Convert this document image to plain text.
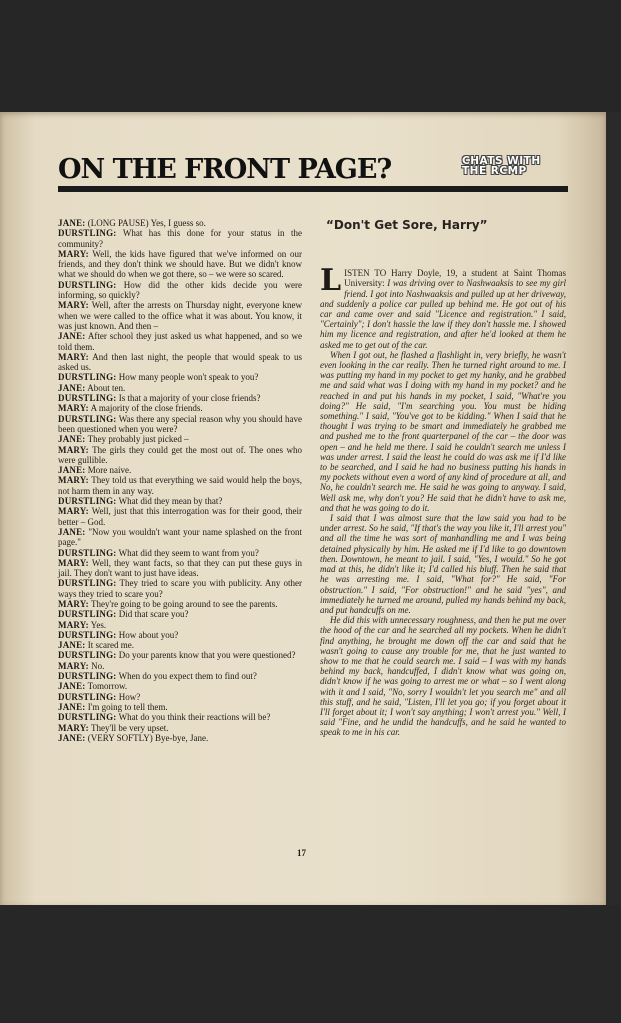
ON THE FRONT PAGE?	CHATS WITH THE RCMP

JANE: (LONG PAUSE) Yes, I guess so.

DURSTLING: What has this done for your status in the community?

MARY: Well, the kids have figured that we've informed on our friends, and they don't think we should have. But we didn't know what we should do when we got there, so – we were so scared.

DURSTLING: How did the other kids decide you were informing, so quickly?

MARY: Well, after the arrests on Thursday night, everyone knew when we were called to the office what it was about. You know, it was just known. And then –

JANE: After school they just asked us what happened, and so we told them.

MARY: And then last night, the people that would speak to us asked us.

DURSTLING: How many people won't speak to you?

JANE: About ten.

DURSTLING: Is that a majority of your close friends?

MARY: A majority of the close friends.

DURSTLING: Was there any special reason why you should have been questioned when you were?

JANE: They probably just picked –

MARY: The girls they could get the most out of. The ones who were gullible.

JANE: More naive.

MARY: They told us that everything we said would help the boys, not harm them in any way.

DURSTLING: What did they mean by that?

MARY: Well, just that this interrogation was for their good, their better – God.

JANE: "Now you wouldn't want your name splashed on the front page."

DURSTLING: What did they seem to want from you?

MARY: Well, they want facts, so that they can put these guys in jail. They don't want to just have ideas.

DURSTLING: They tried to scare you with publicity. Any other ways they tried to scare you?

MARY: They're going to be going around to see the parents.

DURSTLING: Did that scare you?

MARY: Yes.

DURSTLING: How about you?

JANE: It scared me.

DURSTLING: Do your parents know that you were questioned?

MARY: No.

DURSTLING: When do you expect them to find out?

JANE: Tomorrow.

DURSTLING: How?

JANE: I'm going to tell them.

DURSTLING: What do you think their reactions will be?

MARY: They'll be very upset.

JANE: (VERY SOFTLY) Bye-bye, Jane.

“Don't Get Sore, Harry”

LISTEN TO Harry Doyle, 19, a student at Saint Thomas University: I was driving over to Nashwaaksis to see my girl friend. I got into Nashwaaksis and pulled up at her driveway, and suddenly a police car pulled up behind me. He got out of his car and came over and said "Licence and registration." I said, "Certainly"; I don't hassle the law if they don't hassle me. I showed him my licence and registration, and after he'd looked at them he asked me to get out of the car.

When I got out, he flashed a flashlight in, very briefly, he wasn't even looking in the car really. Then he turned right around to me. I was putting my hand in my pocket to get my hanky, and he grabbed me and said what was I doing with my hand in my pocket? and he reached in and put his hands in my pocket, I said, "What're you doing?" He said, "I'm searching you. You must be hiding something." I said, "You've got to be kidding." When I said that he thought I was trying to be smart and immediately he grabbed me and pushed me to the front quarterpanel of the car – the door was open – and he held me there. I said he couldn't search me unless I was under arrest. I said the least he could do was ask me if I'd like to be searched, and I said he had no business putting his hands in my pockets without even a word of any kind of procedure at all, and No, he couldn't search me. He said he was going to anyway. I said, Well ask me, why don't you? He said that he didn't have to ask me, and that he was going to do it.

I said that I was almost sure that the law said you had to be under arrest. So he said, "If that's the way you like it, I'll arrest you" and all the time he was sort of manhandling me and I was being detained physically by him. He asked me if I'd like to go downtown then. Downtown, he meant to jail. I said, "Yes, I would." So he got mad at this, he didn't like it; I'd called his bluff. Then he said that he was arresting me. I said, "What for?" He said, "For obstruction." I said, "For obstruction!" and he said "yes", and immediately he turned me around, pulled my hands behind my back, and put handcuffs on me.

He did this with unnecessary roughness, and then he put me over the hood of the car and he searched all my pockets. When he didn't find anything, he brought me down off the car and said that he wasn't going to cause any trouble for me, that he just wanted to show to me that he could search me. I said – I was with my hands behind my back, handcuffed, I didn't know what was going on, didn't know if he was going to arrest me or what – so I went along with it and I said, "No, sorry I wouldn't let you search me" and all this stuff, and he said, "Listen, I'll let you go; if you forget about it I'll forget about it; I won't say anything; I won't arrest you." Well, I said "Fine, and he undid the handcuffs, and he said he wanted to speak to me in his car.

17
